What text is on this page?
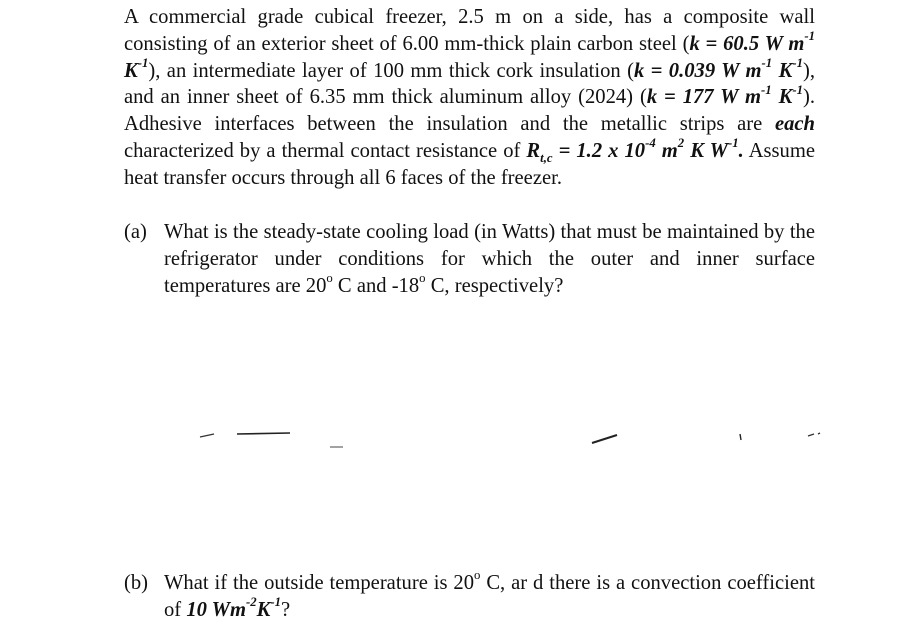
A commercial grade cubical freezer, 2.5 m on a side, has a composite wall consisting of an exterior sheet of 6.00 mm-thick plain carbon steel (k = 60.5 W $m^{-1}$ $K^{-1}$), an intermediate layer of 100 mm thick cork insulation (k = 0.039 W $m^{-1}$ $K^{-1}$), and an inner sheet of 6.35 mm thick aluminum alloy (2024) (k = 177 W $m^{-1}$ $K^{-1}$). Adhesive interfaces between the insulation and the metallic strips are each characterized by a thermal contact resistance of $R_{t,c} = 1.2$ x $10^{-4}$ $m^2$ K $W^{-1}$. Assume heat transfer occurs through all 6 faces of the freezer.

(a) What is the steady-state cooling load (in Watts) that must be maintained by the refrigerator under conditions for which the outer and inner surface temperatures are 20$^o$ C and -18$^o$ C, respectively?
(b) What if the outside temperature is 20$^o$ C, ar d there is a convection coefficient of 10 $Wm^{-2}K^{-1}$?
